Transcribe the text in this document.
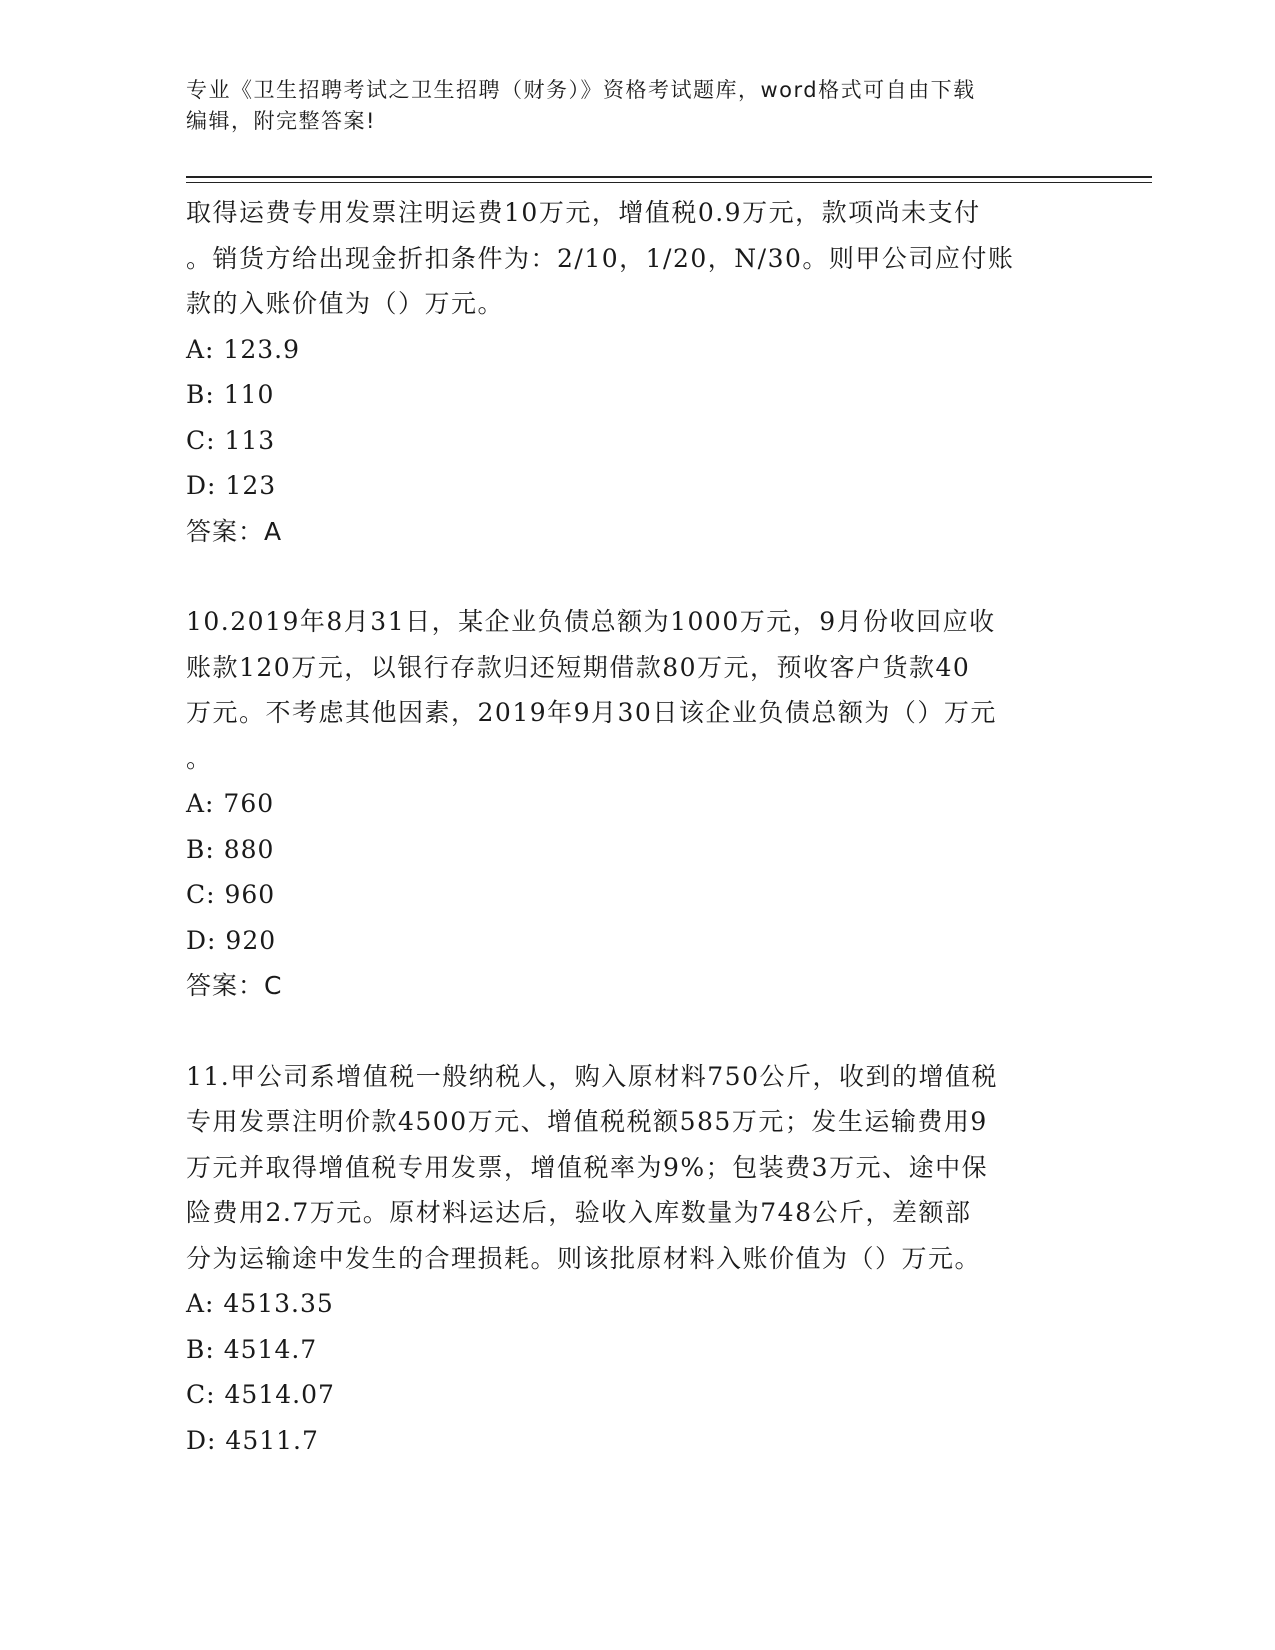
专业《卫生招聘考试之卫生招聘（财务）》资格考试题库，word格式可自由下载

编辑，附完整答案!

取得运费专用发票注明运费10万元，增值税0.9万元，款项尚未支付
。销货方给出现金折扣条件为：2/10，1/20，N/30。则甲公司应付账
款的入账价值为（）万元。

A: 123.9

B: 110

C: 113

D: 123

答案：A

10.2019年8月31日，某企业负债总额为1000万元，9月份收回应收
账款120万元，以银行存款归还短期借款80万元，预收客户货款40
万元。不考虑其他因素，2019年9月30日该企业负债总额为（）万元
。

A: 760

B: 880

C: 960

D: 920

答案：C

11.甲公司系增值税一般纳税人，购入原材料750公斤，收到的增值税
专用发票注明价款4500万元、增值税税额585万元；发生运输费用9
万元并取得增值税专用发票，增值税率为9%；包装费3万元、途中保
险费用2.7万元。原材料运达后，验收入库数量为748公斤，差额部
分为运输途中发生的合理损耗。则该批原材料入账价值为（）万元。

A: 4513.35

B: 4514.7

C: 4514.07

D: 4511.7
